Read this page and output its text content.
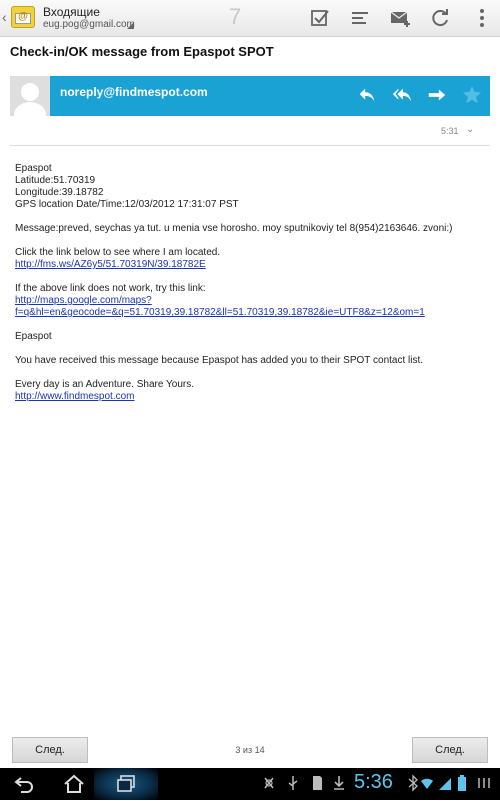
‹	@	Входящие
eug.pog@gmail.com	7
Check-in/OK message from Epaspot SPOT
noreply@findmespot.com
5:31 ⌄
Epaspot
Latitude:51.70319
Longitude:39.18782
GPS location Date/Time:12/03/2012 17:31:07 PST
Message:preved, seychas ya tut. u menia vse horosho. moy sputnikoviy tel 8(954)2163646. zvoni:)
Click the link below to see where I am located.
http://fms.ws/AZ6y5/51.70319N/39.18782E
If the above link does not work, try this link:
http://maps.google.com/maps?
f=q&hl=en&geocode=&q=51.70319,39.18782&ll=51.70319,39.18782&ie=UTF8&z=12&om=1
Epaspot
You have received this message because Epaspot has added you to their SPOT contact list.
Every day is an Adventure. Share Yours.
http://www.findmespot.com
След.	3 из 14	След.
5:36
